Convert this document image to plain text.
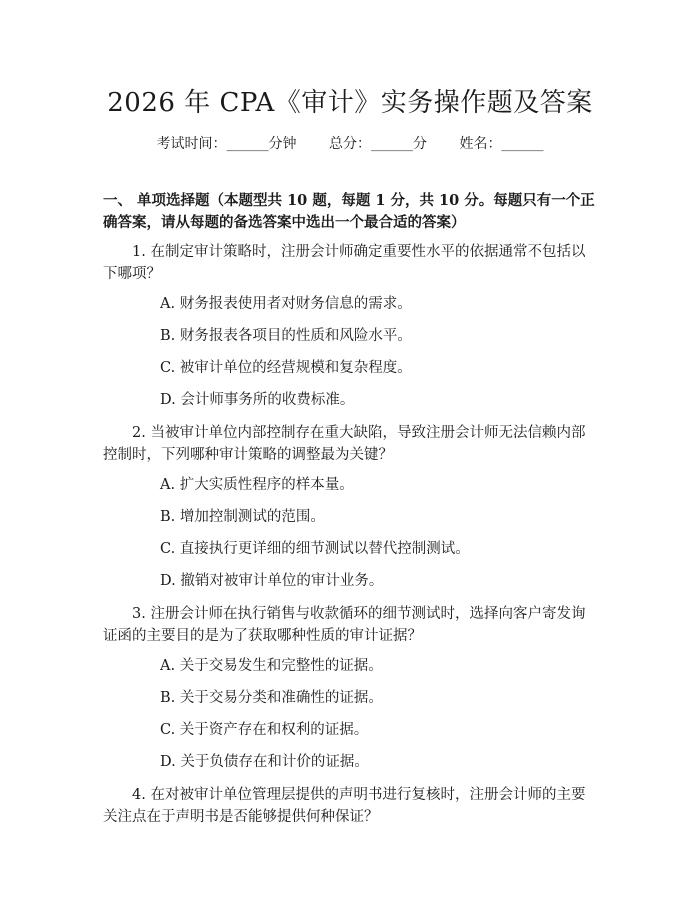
2026 年 CPA《审计》实务操作题及答案
考试时间：______分钟 总分：______分 姓名：______
一、 单项选择题（本题型共 10 题，每题 1 分，共 10 分。每题只有一个正确答案，请从每题的备选答案中选出一个最合适的答案）
1. 在制定审计策略时，注册会计师确定重要性水平的依据通常不包括以下哪项？
A. 财务报表使用者对财务信息的需求。
B. 财务报表各项目的性质和风险水平。
C. 被审计单位的经营规模和复杂程度。
D. 会计师事务所的收费标准。
2. 当被审计单位内部控制存在重大缺陷，导致注册会计师无法信赖内部控制时，下列哪种审计策略的调整最为关键？
A. 扩大实质性程序的样本量。
B. 增加控制测试的范围。
C. 直接执行更详细的细节测试以替代控制测试。
D. 撤销对被审计单位的审计业务。
3. 注册会计师在执行销售与收款循环的细节测试时，选择向客户寄发询证函的主要目的是为了获取哪种性质的审计证据？
A. 关于交易发生和完整性的证据。
B. 关于交易分类和准确性的证据。
C. 关于资产存在和权利的证据。
D. 关于负债存在和计价的证据。
4. 在对被审计单位管理层提供的声明书进行复核时，注册会计师的主要关注点在于声明书是否能够提供何种保证？
